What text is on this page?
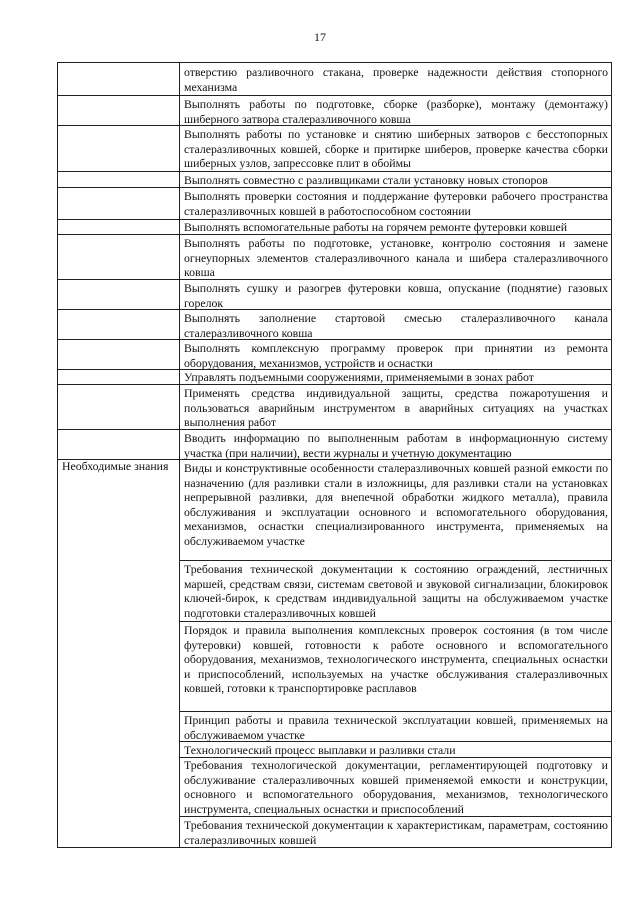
17
Необходимые знания

отверстию разливочного стакана, проверке надежности действия стопорного механизма

Выполнять работы по подготовке, сборке (разборке), монтажу (демонтажу) шиберного затвора сталеразливочного ковша

Выполнять работы по установке и снятию шиберных затворов с бесстопорных сталеразливочных ковшей, сборке и притирке шиберов, проверке качества сборки шиберных узлов, запрессовке плит в обоймы

Выполнять совместно с разливщиками стали установку новых стопоров

Выполнять проверки состояния и поддержание футеровки рабочего пространства сталеразливочных ковшей в работоспособном состоянии

Выполнять вспомогательные работы на горячем ремонте футеровки ковшей

Выполнять работы по подготовке, установке, контролю состояния и замене огнеупорных элементов сталеразливочного канала и шибера сталеразливочного ковша

Выполнять сушку и разогрев футеровки ковша, опускание (поднятие) газовых горелок

Выполнять заполнение стартовой смесью сталеразливочного канала сталеразливочного ковша

Выполнять комплексную программу проверок при принятии из ремонта оборудования, механизмов, устройств и оснастки

Управлять подъемными сооружениями, применяемыми в зонах работ

Применять средства индивидуальной защиты, средства пожаротушения и пользоваться аварийным инструментом в аварийных ситуациях на участках выполнения работ

Вводить информацию по выполненным работам в информационную систему участка (при наличии), вести журналы и учетную документацию

Виды и конструктивные особенности сталеразливочных ковшей разной емкости по назначению (для разливки стали в изложницы, для разливки стали на установках непрерывной разливки, для внепечной обработки жидкого металла), правила обслуживания и эксплуатации основного и вспомогательного оборудования, механизмов, оснастки специализированного инструмента, применяемых на обслуживаемом участке

Требования технической документации к состоянию ограждений, лестничных маршей, средствам связи, системам световой и звуковой сигнализации, блокировок ключей-бирок, к средствам индивидуальной защиты на обслуживаемом участке подготовки сталеразливочных ковшей

Порядок и правила выполнения комплексных проверок состояния (в том числе футеровки) ковшей, готовности к работе основного и вспомогательного оборудования, механизмов, технологического инструмента, специальных оснастки и приспособлений, используемых на участке обслуживания сталеразливочных ковшей, готовки к транспортировке расплавов

Принцип работы и правила технической эксплуатации ковшей, применяемых на обслуживаемом участке

Технологический процесс выплавки и разливки стали

Требования технологической документации, регламентирующей подготовку и обслуживание сталеразливочных ковшей применяемой емкости и конструкции, основного и вспомогательного оборудования, механизмов, технологического инструмента, специальных оснастки и приспособлений

Требования технической документации к характеристикам, параметрам, состоянию сталеразливочных ковшей
